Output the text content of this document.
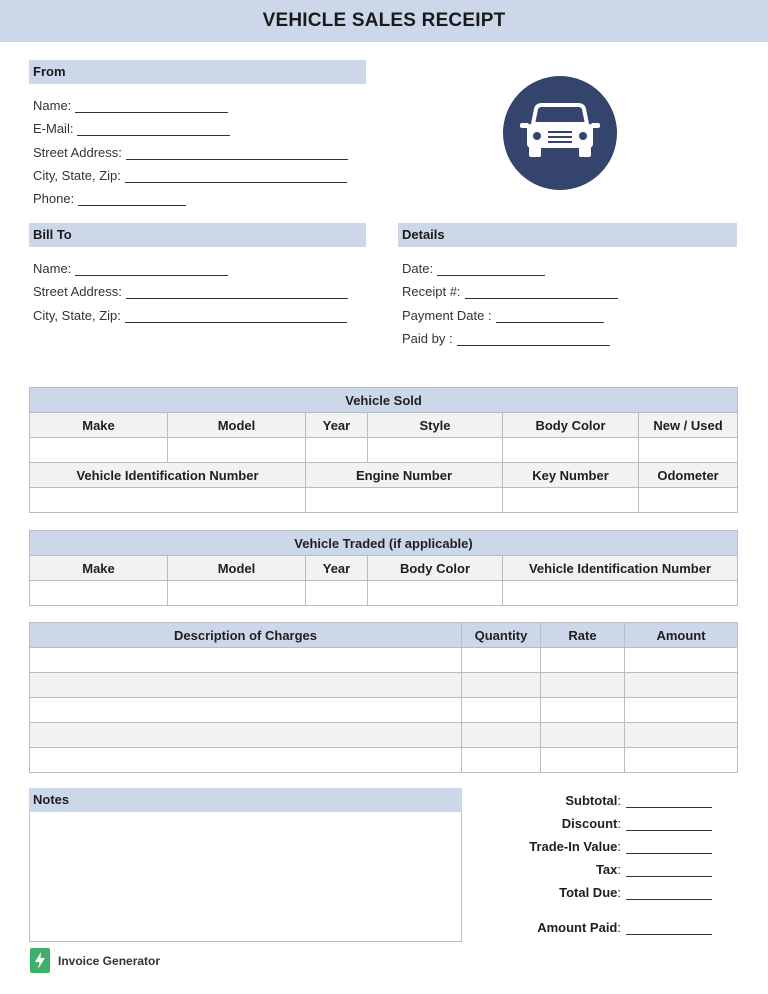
VEHICLE SALES RECEIPT
From
Name:
E-Mail:
Street Address:
City, State, Zip:
Phone:
Bill To
Name:
Street Address:
City, State, Zip:
Details
Date:
Receipt #:
Payment Date :
Paid by :
Vehicle Sold					
Make	Model	Year	Style	Body Color	New / Used

Vehicle Identification Number		Engine Number		Key Number	Odometer

Vehicle Traded (if applicable)				
Make	Model	Year	Body Color	Vehicle Identification Number

Description of Charges	Quantity	Rate	Amount

Notes	Subtotal :
Discount :
Trade-In Value :
Tax :
Total Due :
Amount Paid :
Invoice Generator
